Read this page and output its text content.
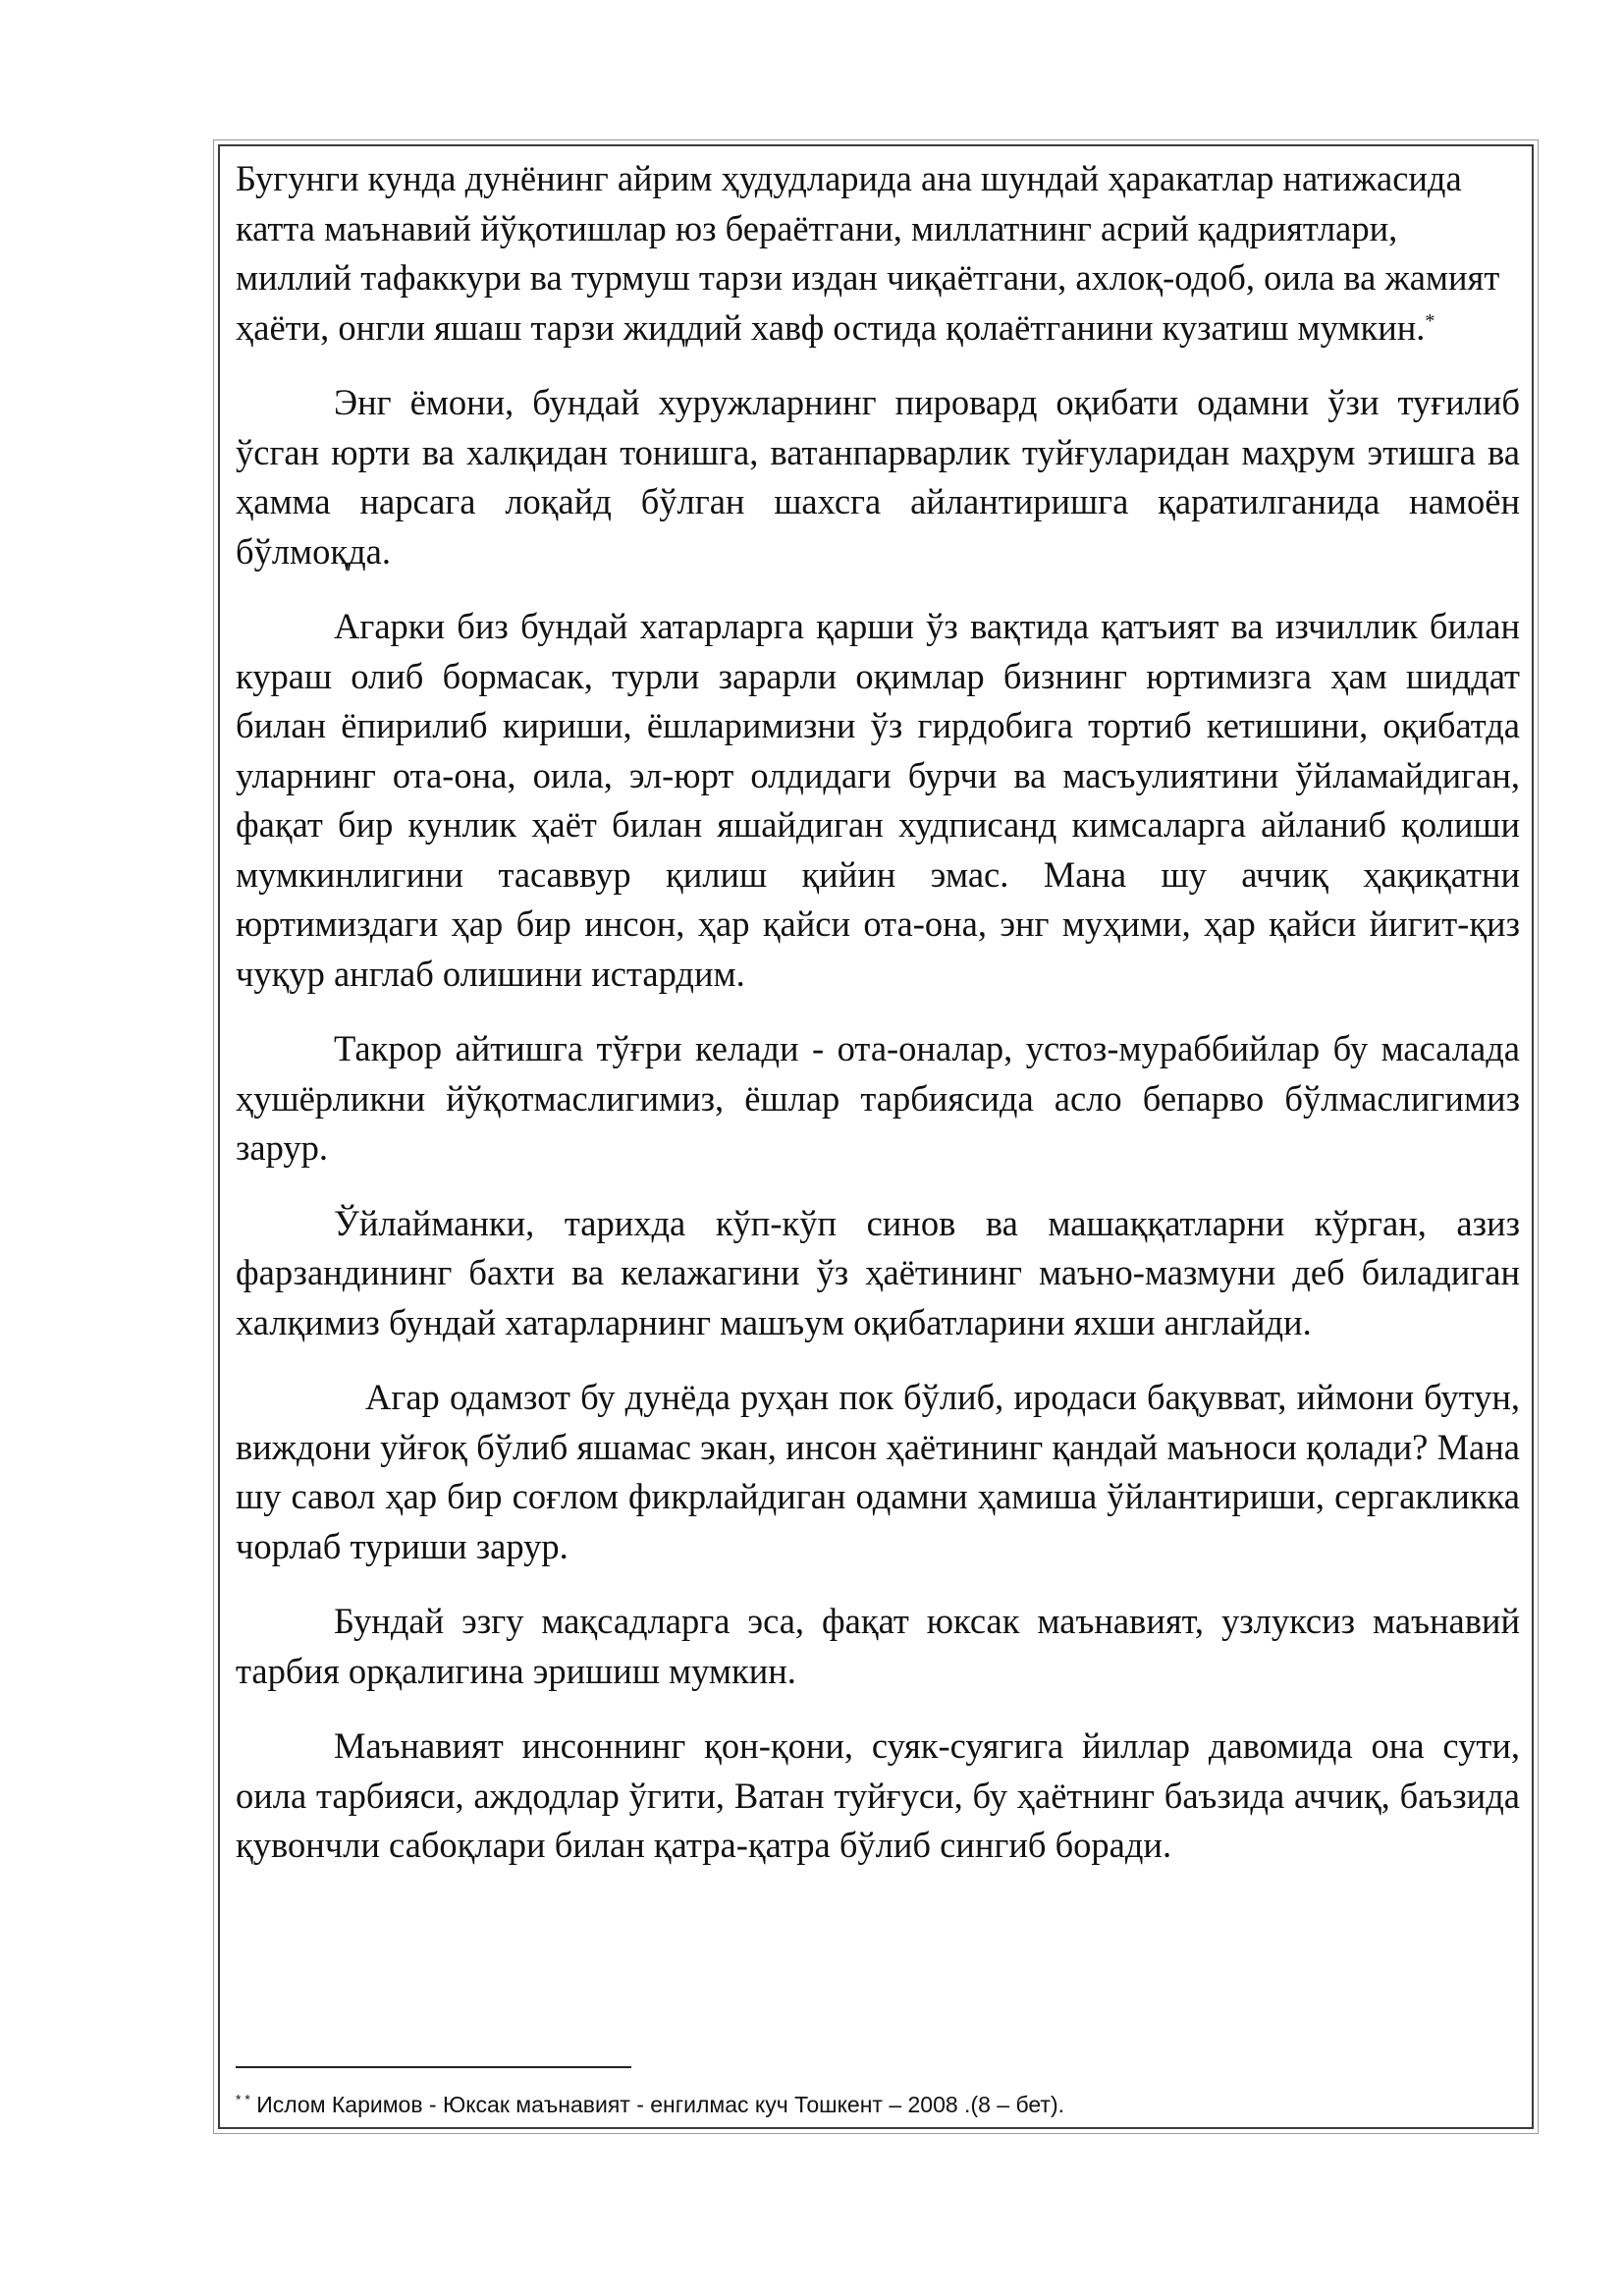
Бугунги кунда дунёнинг айрим ҳудудларида ана шундай ҳаракатлар натижасида катта маънавий йўқотишлар юз бераётгани, миллатнинг асрий қадриятлари, миллий тафаккури ва турмуш тарзи издан чиқаётгани, ахлоқ-одоб, оила ва жамият ҳаёти, онгли яшаш тарзи жиддий хавф остида қолаётганини кузатиш мумкин.*

Энг ёмони, бундай хуружларнинг пировард оқибати одамни ўзи туғилиб ўсган юрти ва халқидан тонишга, ватанпарварлик туйғуларидан маҳрум этишга ва ҳамма нарсага лоқайд бўлган шахсга айлантиришга қаратилганида намоён бўлмоқда.

Агарки биз бундай хатарларга қарши ўз вақтида қатъият ва изчиллик билан кураш олиб бормасак, турли зарарли оқимлар бизнинг юртимизга ҳам шиддат билан ёпирилиб кириши, ёшларимизни ўз гирдобига тортиб кетишини, оқибатда уларнинг ота-она, оила, эл-юрт олдидаги бурчи ва масъулиятини ўйламайдиган, фақат бир кунлик ҳаёт билан яшайдиган худписанд кимсаларга айланиб қолиши мумкинлигини тасаввур қилиш қийин эмас. Мана шу аччиқ ҳақиқатни юртимиздаги ҳар бир инсон, ҳар қайси ота-она, энг муҳими, ҳар қайси йигит-қиз чуқур англаб олишини истардим.

Такрор айтишга тўғри келади - ота-оналар, устоз-мураббийлар бу масалада ҳушёрликни йўқотмаслигимиз, ёшлар тарбиясида асло бепарво бўлмаслигимиз зарур.

Ўйлайманки, тарихда кўп-кўп синов ва машаққатларни кўрган, азиз фарзандининг бахти ва келажагини ўз ҳаётининг маъно-мазмуни деб биладиган халқимиз бундай хатарларнинг машъум оқибатларини яхши англайди.

Агар одамзот бу дунёда руҳан пок бўлиб, иродаси бақувват, иймони бутун, виждони уйғоқ бўлиб яшамас экан, инсон ҳаётининг қандай маъноси қолади? Мана шу савол ҳар бир соғлом фикрлайдиган одамни ҳамиша ўйлантириши, сергакликка чорлаб туриши зарур.

Бундай эзгу мақсадларга эса, фақат юксак маънавият, узлуксиз маънавий тарбия орқалигина эришиш мумкин.

Маънавият инсоннинг қон-қони, суяк-суягига йиллар давомида она сути, оила тарбияси, аждодлар ўгити, Ватан туйғуси, бу ҳаётнинг баъзида аччиқ, баъзида қувончли сабоқлари билан қатра-қатра бўлиб сингиб боради.

* * Ислом Каримов - Юксак маънавият - енгилмас куч Тошкент – 2008 .(8 – бет).
